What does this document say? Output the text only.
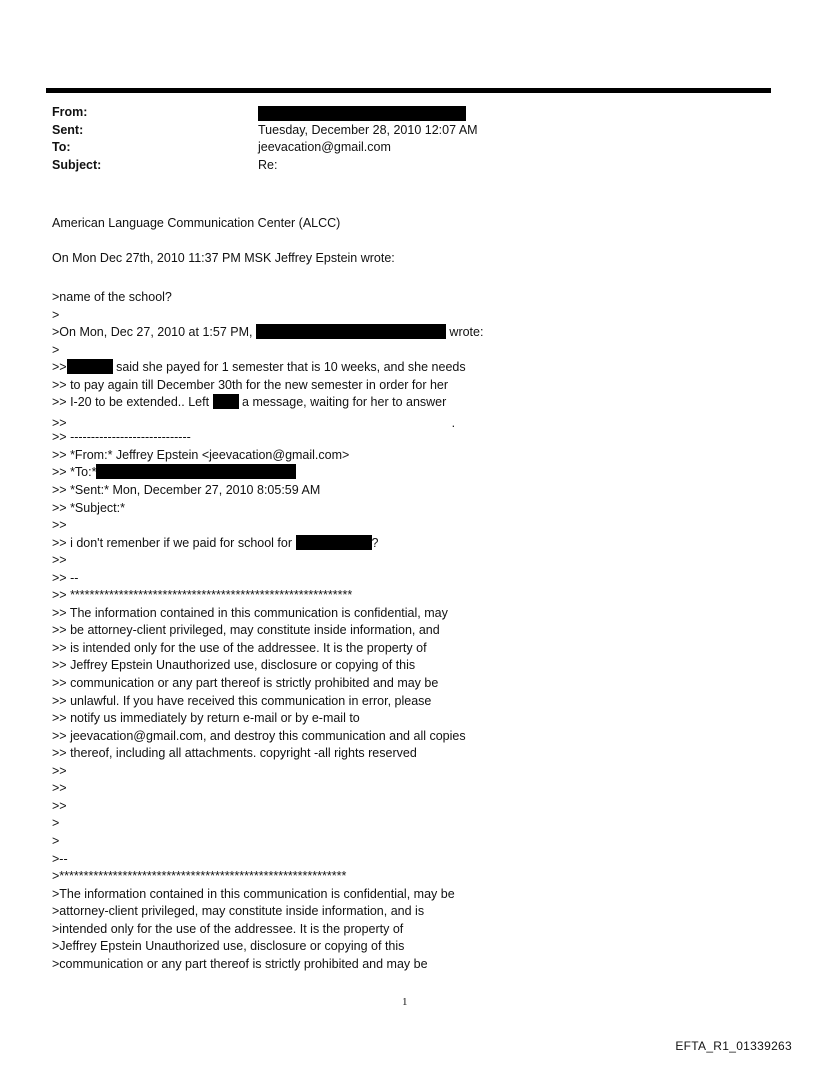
From:
Sent:	Tuesday, December 28, 2010 12:07 AM
To:	jeevacation@gmail.com
Subject:	Re:
American Language Communication Center (ALCC)
On Mon Dec 27th, 2010 11:37 PM MSK Jeffrey Epstein wrote:
>name of the school?
>
>On Mon, Dec 27, 2010 at 1:57 PM,	wrote:
>
>>	said she payed for 1 semester that is 10 weeks, and she needs
>> to pay again till December 30th for the new semester in order for her
>> I-20 to be extended.. Left  a message, waiting for her to answer
>>	.
>> -----------------------------
>> *From:* Jeffrey Epstein <jeevacation@gmail.com>
>> *To:*
>> *Sent:* Mon, December 27, 2010 8:05:59 AM
>> *Subject:*
>>
>> i don't remenber if we paid for school for	?
>>
>> --
>> **********************************************************
>> The information contained in this communication is confidential, may
>> be attorney-client privileged, may constitute inside information, and
>> is intended only for the use of the addressee. It is the property of
>> Jeffrey Epstein Unauthorized use, disclosure or copying of this
>> communication or any part thereof is strictly prohibited and may be
>> unlawful. If you have received this communication in error, please
>> notify us immediately by return e-mail or by e-mail to
>> jeevacation@gmail.com, and destroy this communication and all copies
>> thereof, including all attachments. copyright -all rights reserved
>>
>>
>>
>
>
>--
>***********************************************************
>The information contained in this communication is confidential, may be
>attorney-client privileged, may constitute inside information, and is
>intended only for the use of the addressee. It is the property of
>Jeffrey Epstein Unauthorized use, disclosure or copying of this
>communication or any part thereof is strictly prohibited and may be
1
EFTA_R1_01339263
